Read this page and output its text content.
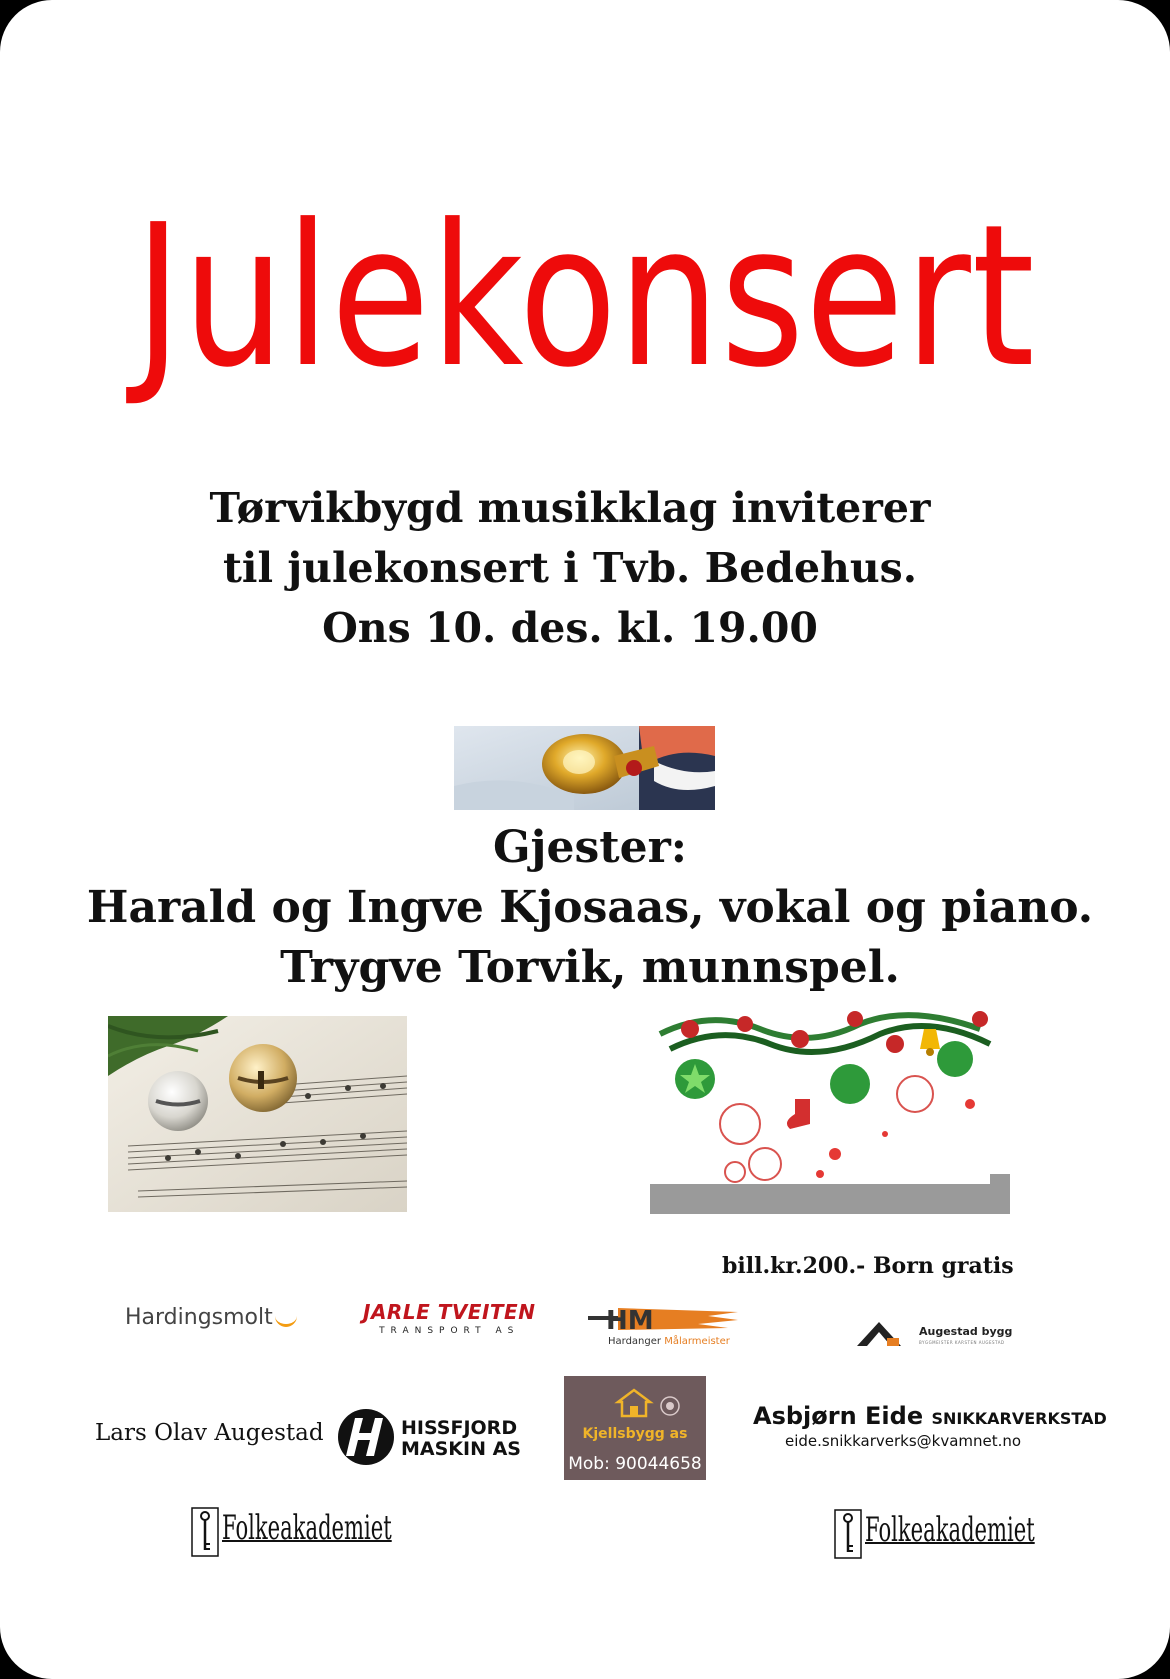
Julekonsert
Tørvikbygd musikklag inviterer
til julekonsert i Tvb. Bedehus.
Ons 10. des. kl. 19.00
Gjester:
Harald og Ingve Kjosaas, vokal og piano.
Trygve Torvik, munnspel.
bill.kr.200.- Born gratis
Hardingsmolt	JARLE TVEITEN
TRANSPORT AS	HM
Hardanger Målarmeister
Augestad bygg
BYGGMEISTER KARSTEN AUGESTAD
Lars Olav Augestad	HISSFJORD
MASKIN AS
Kjellsbygg as
Mob: 90044658
Asbjørn Eide SNIKKARVERKSTAD
eide.snikkarverks@kvamnet.no
Folkeakademiet	Folkeakademiet
